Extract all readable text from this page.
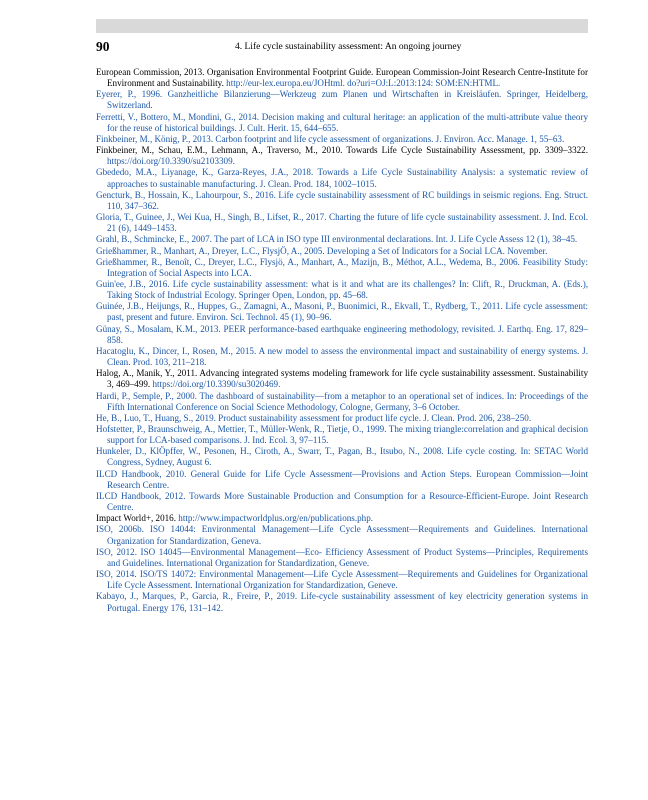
90	4. Life cycle sustainability assessment: An ongoing journey
European Commission, 2013. Organisation Environmental Footprint Guide. European Commission-Joint Research Centre-Institute for Environment and Sustainability. http://eur-lex.europa.eu/JOHtml. do?uri=OJ:L:2013:124: SOM:EN:HTML.
Eyerer, P., 1996. Ganzheitliche Bilanzierung—Werkzeug zum Planen und Wirtschaften in Kreisläufen. Springer, Heidelberg, Switzerland.
Ferretti, V., Bottero, M., Mondini, G., 2014. Decision making and cultural heritage: an application of the multi-attribute value theory for the reuse of historical buildings. J. Cult. Herit. 15, 644–655.
Finkbeiner, M., König, P., 2013. Carbon footprint and life cycle assessment of organizations. J. Environ. Acc. Manage. 1, 55–63.
Finkbeiner, M., Schau, E.M., Lehmann, A., Traverso, M., 2010. Towards Life Cycle Sustainability Assessment, pp. 3309–3322. https://doi.org/10.3390/su2103309.
Gbededo, M.A., Liyanage, K., Garza-Reyes, J.A., 2018. Towards a Life Cycle Sustainability Analysis: a systematic review of approaches to sustainable manufacturing. J. Clean. Prod. 184, 1002–1015.
Gencturk, B., Hossain, K., Lahourpour, S., 2016. Life cycle sustainability assessment of RC buildings in seismic regions. Eng. Struct. 110, 347–362.
Gloria, T., Guinee, J., Wei Kua, H., Singh, B., Lifset, R., 2017. Charting the future of life cycle sustainability assessment. J. Ind. Ecol. 21 (6), 1449–1453.
Grahl, B., Schmincke, E., 2007. The part of LCA in ISO type III environmental declarations. Int. J. Life Cycle Assess 12 (1), 38–45.
Grießhammer, R., Manhart, A., Dreyer, L.C., FlysjÖ, A., 2005. Developing a Set of Indicators for a Social LCA. November.
Grießhammer, R., Benoît, C., Dreyer, L.C., Flysjö, A., Manhart, A., Mazijn, B., Méthot, A.L., Wedema, B., 2006. Feasibility Study: Integration of Social Aspects into LCA.
Guin'ee, J.B., 2016. Life cycle sustainability assessment: what is it and what are its challenges? In: Clift, R., Druckman, A. (Eds.), Taking Stock of Industrial Ecology. Springer Open, London, pp. 45–68.
Guinée, J.B., Heijungs, R., Huppes, G., Zamagni, A., Masoni, P., Buonimici, R., Ekvall, T., Rydberg, T., 2011. Life cycle assessment: past, present and future. Environ. Sci. Technol. 45 (1), 90–96.
Günay, S., Mosalam, K.M., 2013. PEER performance-based earthquake engineering methodology, revisited. J. Earthq. Eng. 17, 829–858.
Hacatoglu, K., Dincer, I., Rosen, M., 2015. A new model to assess the environmental impact and sustainability of energy systems. J. Clean. Prod. 103, 211–218.
Halog, A., Manik, Y., 2011. Advancing integrated systems modeling framework for life cycle sustainability assessment. Sustainability 3, 469–499. https://doi.org/10.3390/su3020469.
Hardi, P., Semple, P., 2000. The dashboard of sustainability—from a metaphor to an operational set of indices. In: Proceedings of the Fifth International Conference on Social Science Methodology, Cologne, Germany, 3–6 October.
He, B., Luo, T., Huang, S., 2019. Product sustainability assessment for product life cycle. J. Clean. Prod. 206, 238–250.
Hofstetter, P., Braunschweig, A., Mettier, T., Müller-Wenk, R., Tietje, O., 1999. The mixing triangle:correlation and graphical decision support for LCA-based comparisons. J. Ind. Ecol. 3, 97–115.
Hunkeler, D., KlÖpffer, W., Pesonen, H., Ciroth, A., Swarr, T., Pagan, B., Itsubo, N., 2008. Life cycle costing. In: SETAC World Congress, Sydney, August 6.
ILCD Handbook, 2010. General Guide for Life Cycle Assessment—Provisions and Action Steps. European Commission—Joint Research Centre.
ILCD Handbook, 2012. Towards More Sustainable Production and Consumption for a Resource-Efficient-Europe. Joint Research Centre.
Impact World+, 2016. http://www.impactworldplus.org/en/publications.php.
ISO, 2006b. ISO 14044: Environmental Management—Life Cycle Assessment—Requirements and Guidelines. International Organization for Standardization, Geneva.
ISO, 2012. ISO 14045—Environmental Management—Eco- Efficiency Assessment of Product Systems—Principles, Requirements and Guidelines. International Organization for Standardization, Geneve.
ISO, 2014. ISO/TS 14072: Environmental Management—Life Cycle Assessment—Requirements and Guidelines for Organizational Life Cycle Assessment. International Organization for Standardization, Geneve.
Kabayo, J., Marques, P., Garcia, R., Freire, P., 2019. Life-cycle sustainability assessment of key electricity generation systems in Portugal. Energy 176, 131–142.
